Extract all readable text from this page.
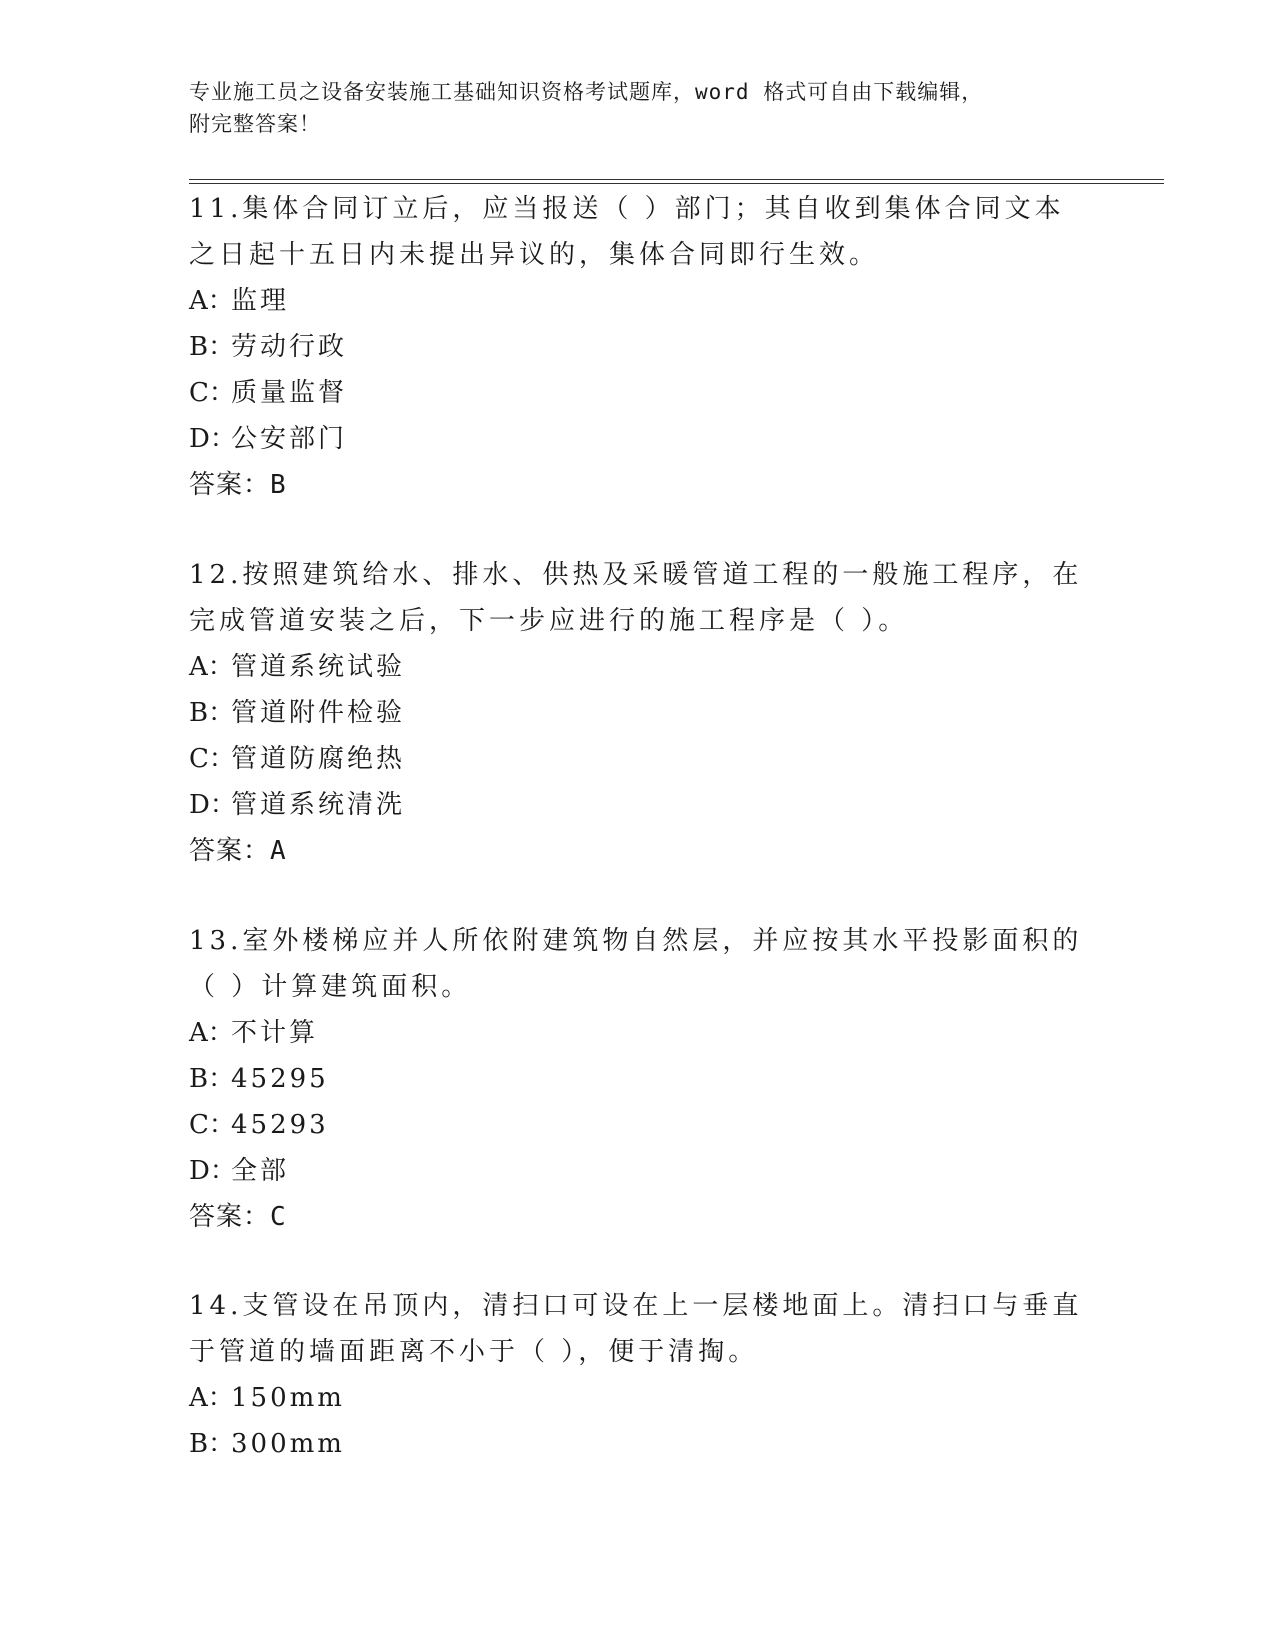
专业施工员之设备安装施工基础知识资格考试题库，word 格式可自由下载编辑，
附完整答案！

11.集体合同订立后，应当报送（ ）部门；其自收到集体合同文本之日起十五日内未提出异议的，集体合同即行生效。

A：监理

B：劳动行政

C：质量监督

D：公安部门

答案：B

12.按照建筑给水、排水、供热及采暖管道工程的一般施工程序，在完成管道安装之后，下一步应进行的施工程序是（ ）。

A：管道系统试验

B：管道附件检验

C：管道防腐绝热

D：管道系统清洗

答案：A

13.室外楼梯应并人所依附建筑物自然层，并应按其水平投影面积的（ ）计算建筑面积。

A：不计算

B：45295

C：45293

D：全部

答案：C

14.支管设在吊顶内，清扫口可设在上一层楼地面上。清扫口与垂直于管道的墙面距离不小于（ ），便于清掏。

A：150mm

B：300mm
